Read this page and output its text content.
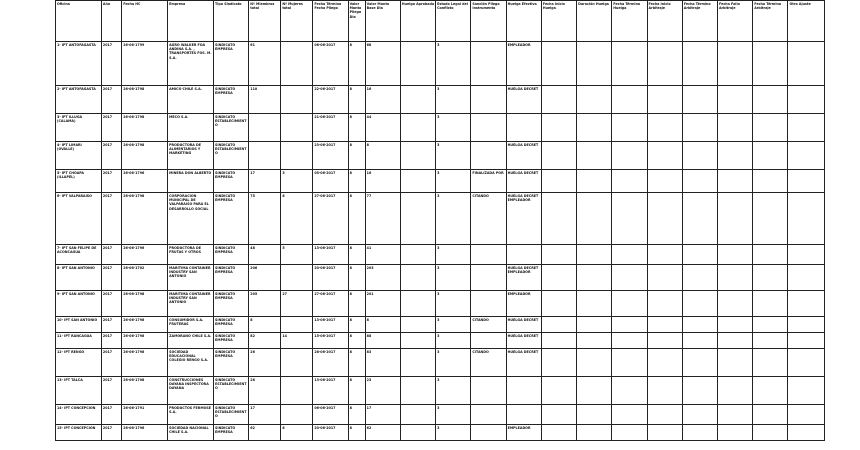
Oficina	Año	Fecha HC	Empresa	Tipo Sindicato	Nº Miembros total	Nº Mujeres total	Fecha Término Fecha Pliego	Valor Monto Pliego Dia	Valor Monto Base Dia	Huelga Aprobada	Estado Legal del Conflicto	Sanción Pliego Instrumento	Huelga Efectiva	Fecha Inicio Huelga	Duración Huelga	Fecha Término Huelga	Fecha Inicio Arbitraje	Fecha Término Arbitraje	Fecha Fallo Arbitraje	Fecha Término Arbitraje	Otro Ajuste
1- IPT ANTOFAGASTA	2017	26-06-1799	AGRO WALKER FOA ANDINA S.A. , TRANSPORTES FOS. M. S.A.	SINDICATO EMPRESA	61		06-06-2017	8	68		3		EMPLEADOR								
2- IPT ANTOFAGASTA	2017	26-06-1798	AMICO CHILE S.A.	SINDICATO EMPRESA	110		22-06-2017	8	16		3		HUELGA DECRET								
3- IPT ILLUGA (CALAMA)	2017	26-06-1798	MECO S.A.	SINDICATO ESTABLECIMIENTO			21-06-2017	8	44		3										
4- IPT LIMARI (OVALLE)	2017	26-06-1798	PRODUCTORA DE ALIMENTARIOS Y MARKETING	SINDICATO ESTABLECIMIENTO			23-06-2017	8	8		3		HUELGA DECRET								
5- IPT CHOAPA (ILLAPEL)	2017	26-06-1796	MINERA DON ALBERTO	SINDICATO EMPRESA	17	3	05-06-2017	8	16		3	FINALIZADA POR	HUELGA DECRET								
6- IPT VALPARAISO	2017	26-06-1798	CORPORACION MUNICIPAL DE VALPARAISO PARA EL DESARROLLO SOCIAL	SINDICATO EMPRESA	75	8	27-06-2017	8	77		3	CITANDO	HUELGA DECRET EMPLEADOR								
7- IPT SAN FELIPE DE ACONCAGUA	2017	26-06-1796	PRODUCTORA DE FRUTAS Y OTROS	SINDICATO EMPRESA	48	5	13-06-2017	8	41		3										
8- IPT SAN ANTONIO	2017	26-06-1702	MARITIMA CONTAINER INDUSTRY SAN ANTONIO	SINDICATO EMPRESA	206		20-06-2017	8	203		3		HUELGA DECRET EMPLEADOR								
9- IPT SAN ANTONIO	2017	26-06-1798	MARITIMA CONTAINER INDUSTRY SAN ANTONIO	SINDICATO EMPRESA	205	27	27-06-2017	8	201		3		EMPLEADOR								
10- IPT SAN ANTONIO	2017	26-06-1798	CONSUMIDOR S.A. FRUTERAS	SINDICATO EMPRESA	8		13-06-2017	8	8		3	CITANDO	HUELGA DECRET								
11- IPT RANCAGUA	2017	26-06-1798	ZAMORANO CHILE S.A.	SINDICATO EMPRESA	82	14	15-06-2017	8	88		3		HUELGA DECRET								
12- IPT RENGO	2017	26-06-1798	SOCIEDAD EDUCACIONAL COLEGIO RENGO S.A.	SINDICATO EMPRESA	26		28-06-2017	8	83		3	CITANDO	HUELGA DECRET								
13- IPT TALCA	2017	26-06-1708	CONSTRUCCIONES DAYANA INSPECTORA DAYANA	SINDICATO ESTABLECIMIENTO	28		13-06-2017	8	23		3										
14- IPT CONCEPCION	2017	26-06-1791	PRODUCTOS FERMOSE S.A.	SINDICATO ESTABLECIMIENTO	17		06-06-2017	8	17		3										
15- IPT CONCEPCION	2017	26-06-1796	SOCIEDAD NACIONAL CHILE S.A.	SINDICATO EMPRESA	62	8	20-06-2017	8	62		3		EMPLEADOR								
